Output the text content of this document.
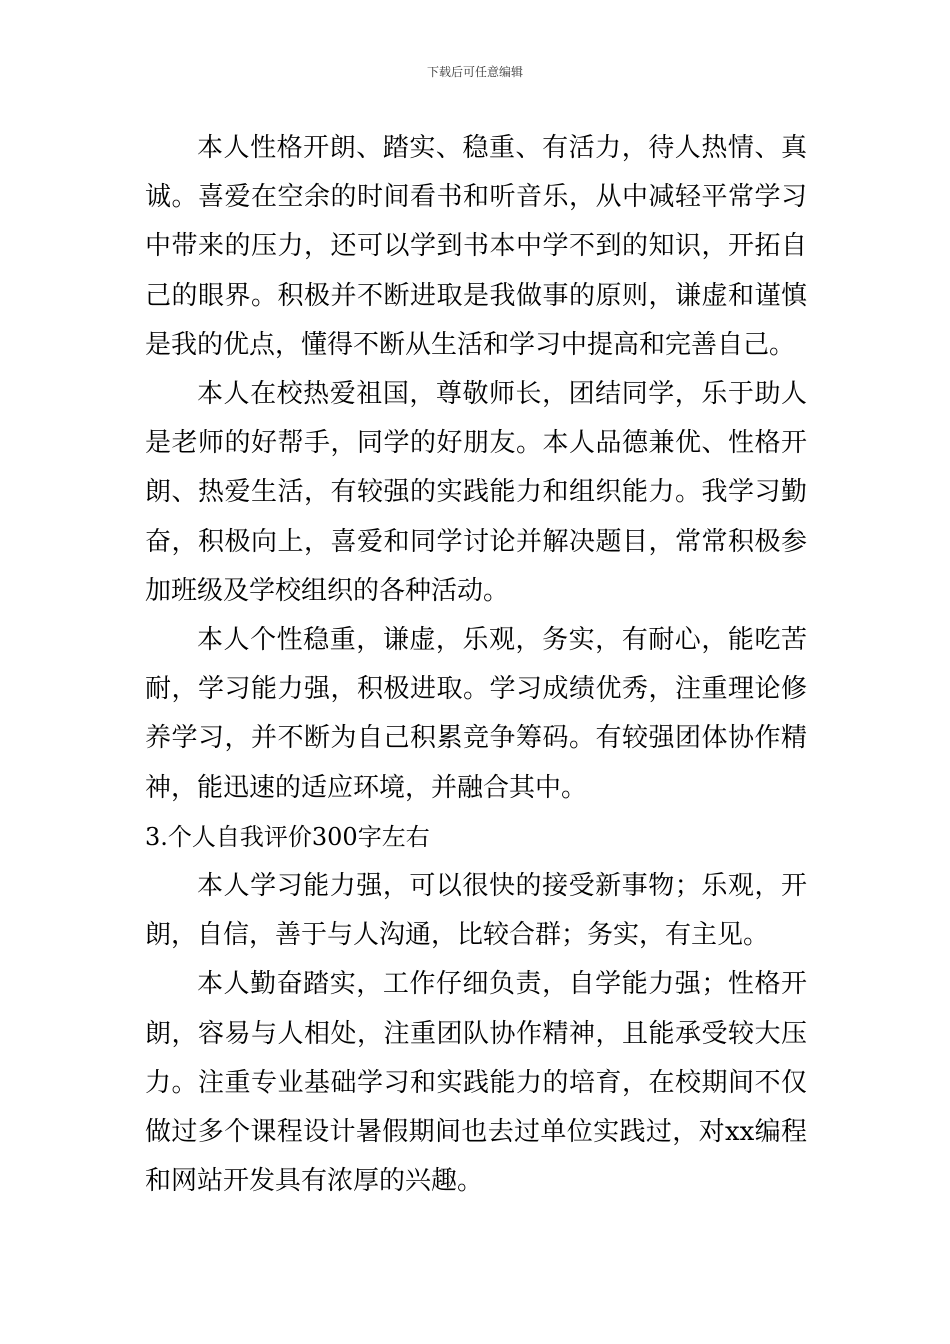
下载后可任意编辑

本人性格开朗、踏实、稳重、有活力，待人热情、真诚。喜爱在空余的时间看书和听音乐，从中减轻平常学习中带来的压力，还可以学到书本中学不到的知识，开拓自己的眼界。积极并不断进取是我做事的原则，谦虚和谨慎是我的优点，懂得不断从生活和学习中提高和完善自己。

本人在校热爱祖国，尊敬师长，团结同学，乐于助人是老师的好帮手，同学的好朋友。本人品德兼优、性格开朗、热爱生活，有较强的实践能力和组织能力。我学习勤奋，积极向上，喜爱和同学讨论并解决题目，常常积极参加班级及学校组织的各种活动。

本人个性稳重，谦虚，乐观，务实，有耐心，能吃苦耐，学习能力强，积极进取。学习成绩优秀，注重理论修养学习，并不断为自己积累竞争筹码。有较强团体协作精神，能迅速的适应环境，并融合其中。

3.个人自我评价300字左右

本人学习能力强，可以很快的接受新事物；乐观，开朗，自信，善于与人沟通，比较合群；务实，有主见。

本人勤奋踏实，工作仔细负责，自学能力强；性格开朗，容易与人相处，注重团队协作精神，且能承受较大压力。注重专业基础学习和实践能力的培育，在校期间不仅做过多个课程设计暑假期间也去过单位实践过，对xx编程和网站开发具有浓厚的兴趣。
